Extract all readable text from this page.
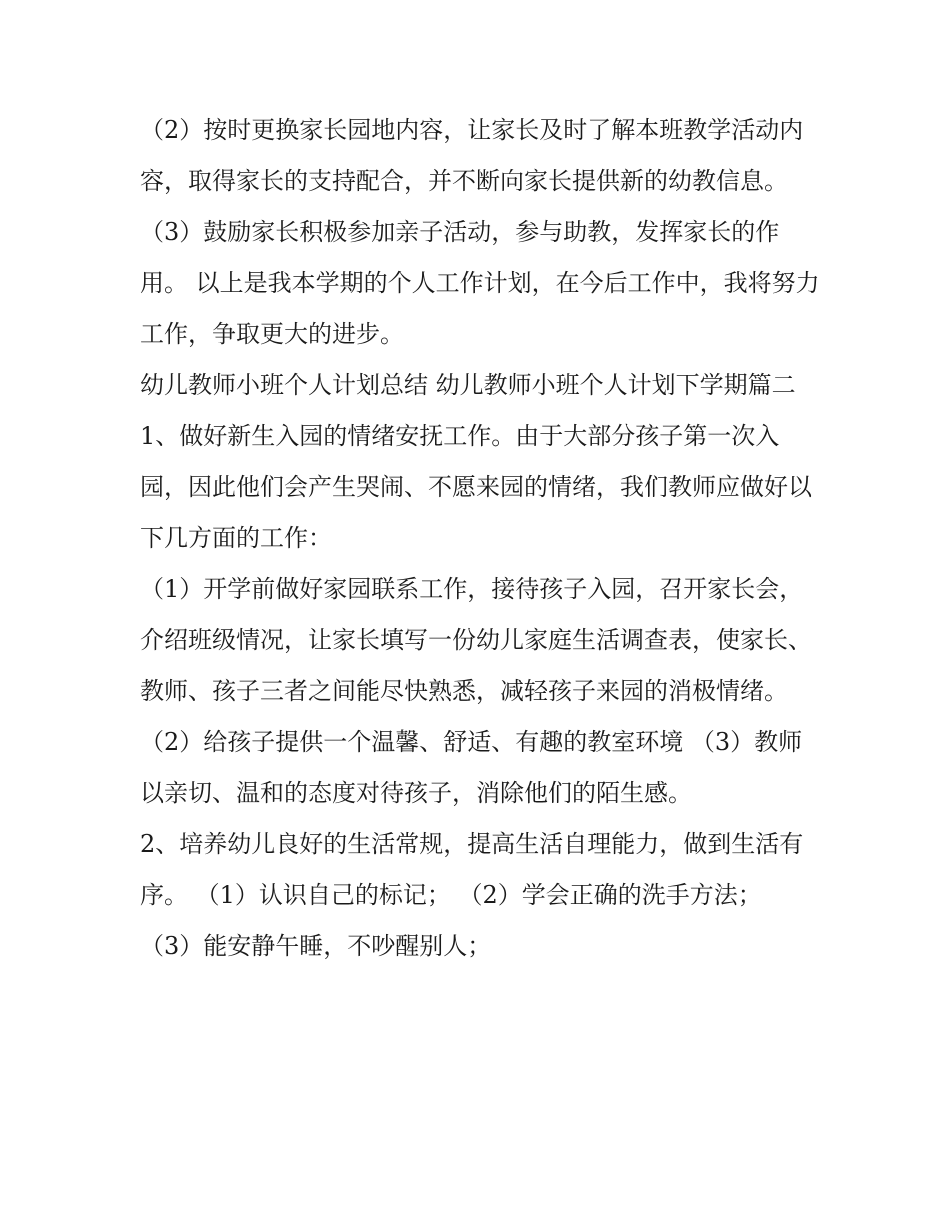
（2）按时更换家长园地内容，让家长及时了解本班教学活动内容，取得家长的支持配合，并不断向家长提供新的幼教信息。

（3）鼓励家长积极参加亲子活动，参与助教，发挥家长的作用。 以上是我本学期的个人工作计划，在今后工作中，我将努力工作，争取更大的进步。

幼儿教师小班个人计划总结 幼儿教师小班个人计划下学期篇二

1、做好新生入园的情绪安抚工作。由于大部分孩子第一次入园，因此他们会产生哭闹、不愿来园的情绪，我们教师应做好以下几方面的工作：

（1）开学前做好家园联系工作，接待孩子入园，召开家长会，介绍班级情况，让家长填写一份幼儿家庭生活调查表，使家长、教师、孩子三者之间能尽快熟悉，减轻孩子来园的消极情绪。

（2）给孩子提供一个温馨、舒适、有趣的教室环境 （3）教师以亲切、温和的态度对待孩子，消除他们的陌生感。

2、培养幼儿良好的生活常规，提高生活自理能力，做到生活有序。 （1）认识自己的标记； （2）学会正确的洗手方法；

（3）能安静午睡，不吵醒别人；
